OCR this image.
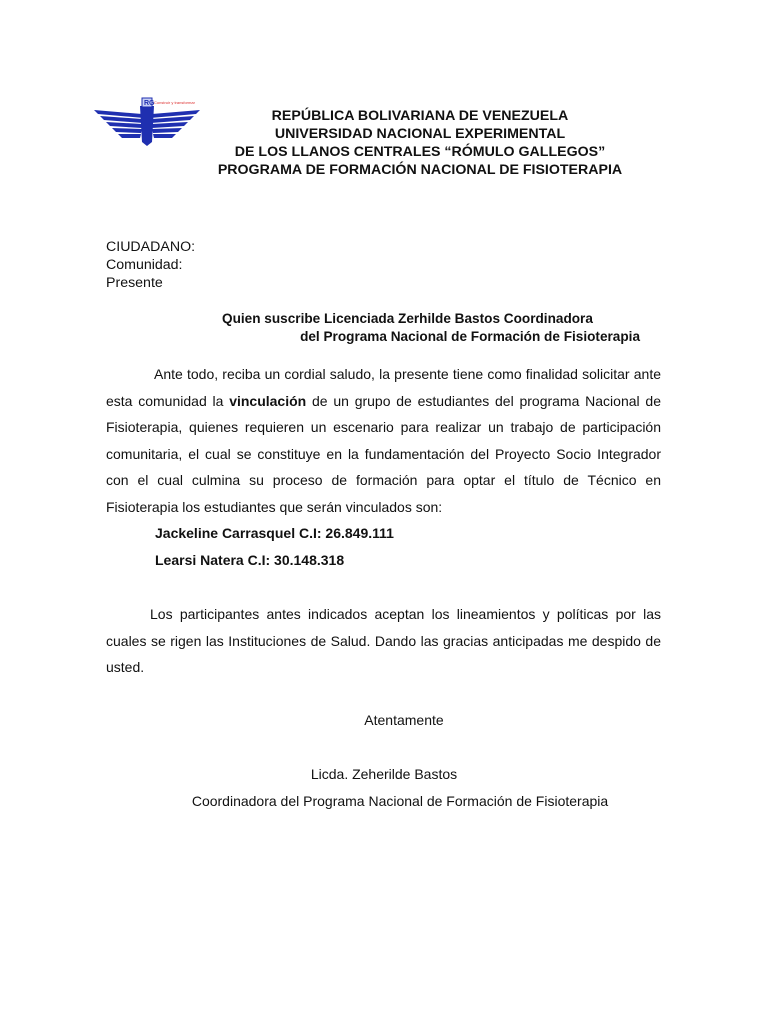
RG Construir y transformar
REPÚBLICA BOLIVARIANA DE VENEZUELA
UNIVERSIDAD NACIONAL EXPERIMENTAL
DE LOS LLANOS CENTRALES “RÓMULO GALLEGOS”
PROGRAMA DE FORMACIÓN NACIONAL DE FISIOTERAPIA
CIUDADANO:
Comunidad:
Presente
Quien suscribe Licenciada Zerhilde Bastos Coordinadora
del Programa Nacional de Formación de Fisioterapia

Ante todo, reciba un cordial saludo, la presente tiene como finalidad solicitar ante esta comunidad la vinculación de un grupo de estudiantes del programa Nacional de Fisioterapia, quienes requieren un escenario para realizar un trabajo de participación comunitaria, el cual se constituye en la fundamentación del Proyecto Socio Integrador con el cual culmina su proceso de formación para optar el título de Técnico en Fisioterapia los estudiantes que serán vinculados son:

Jackeline Carrasquel C.I: 26.849.111
Learsi Natera C.I: 30.148.318

Los participantes antes indicados aceptan los lineamientos y políticas por las cuales se rigen las Instituciones de Salud. Dando las gracias anticipadas me despido de usted.

Atentamente
Licda. Zeherilde Bastos
Coordinadora del Programa Nacional de Formación de Fisioterapia
